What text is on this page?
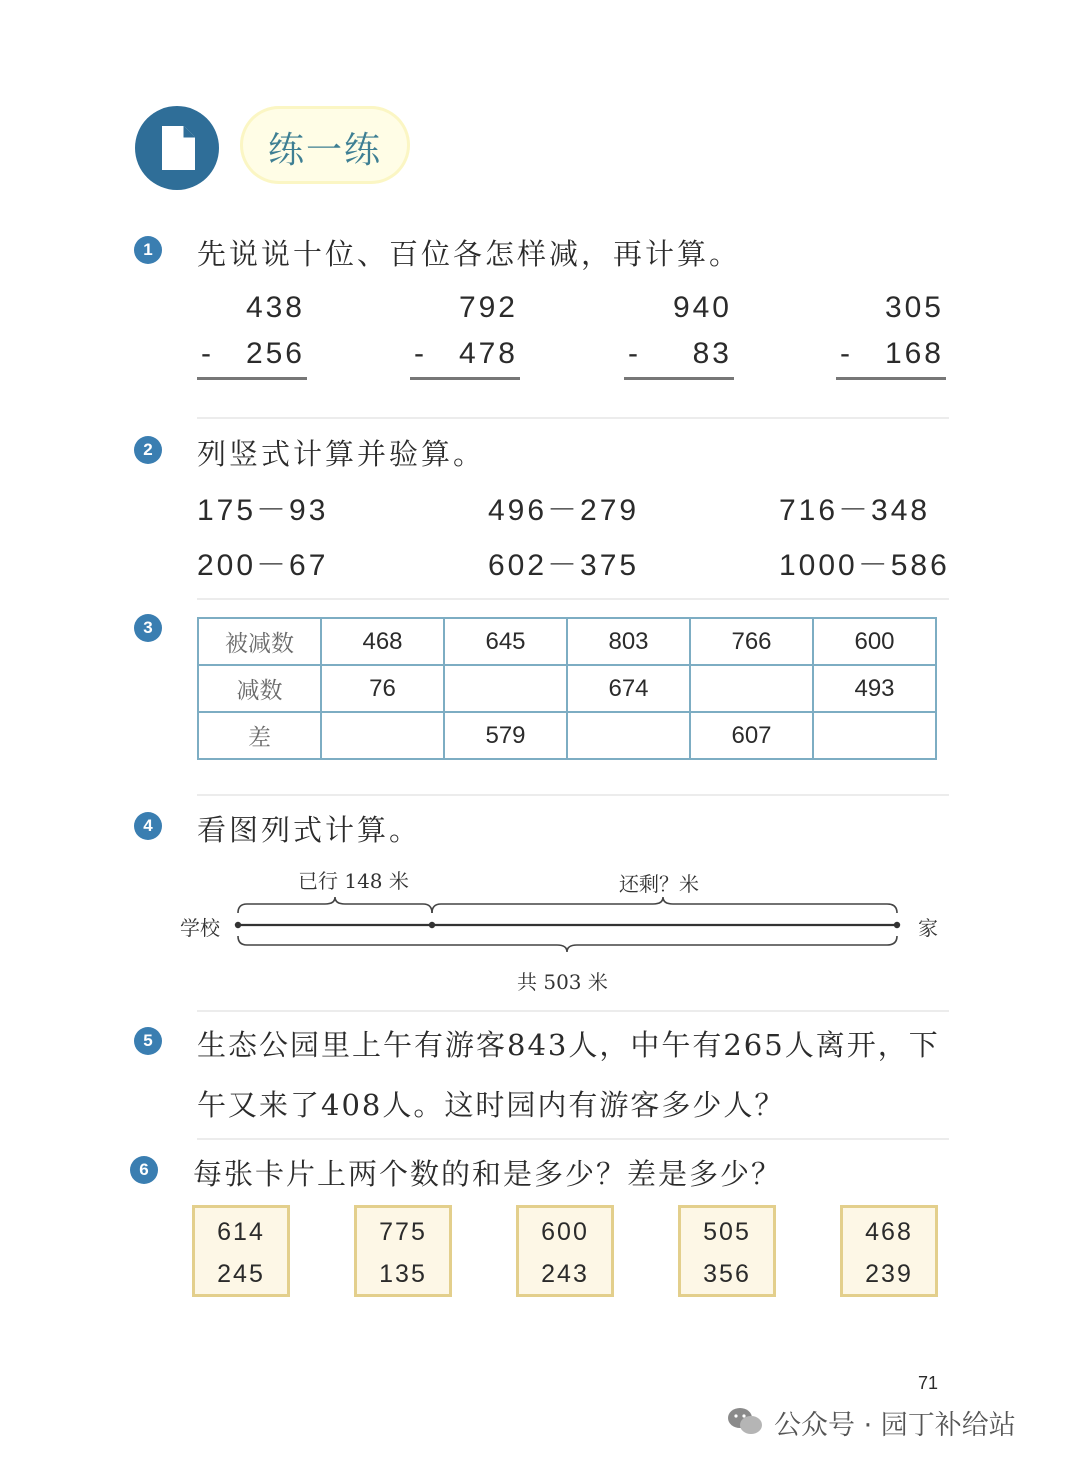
练一练
1	先说说十位、百位各怎样减，再计算。
438
- 256
792
- 478
940
- 83
305
- 168
2	列竖式计算并验算。
175－93	496－279	716－348
200－67	602－375	1000－586
3
被减数	468	645	803	766	600
减数	76		674		493
差		579		607	
4	看图列式计算。
已行 148 米	还剩？米
学校	家
共 503 米
5	生态公园里上午有游客843人，中午有265人离开，下
午又来了408人。这时园内有游客多少人？
6	每张卡片上两个数的和是多少？差是多少？
614
245
775
135
600
243
505
356
468
239
71
公众号 · 园丁补给站
